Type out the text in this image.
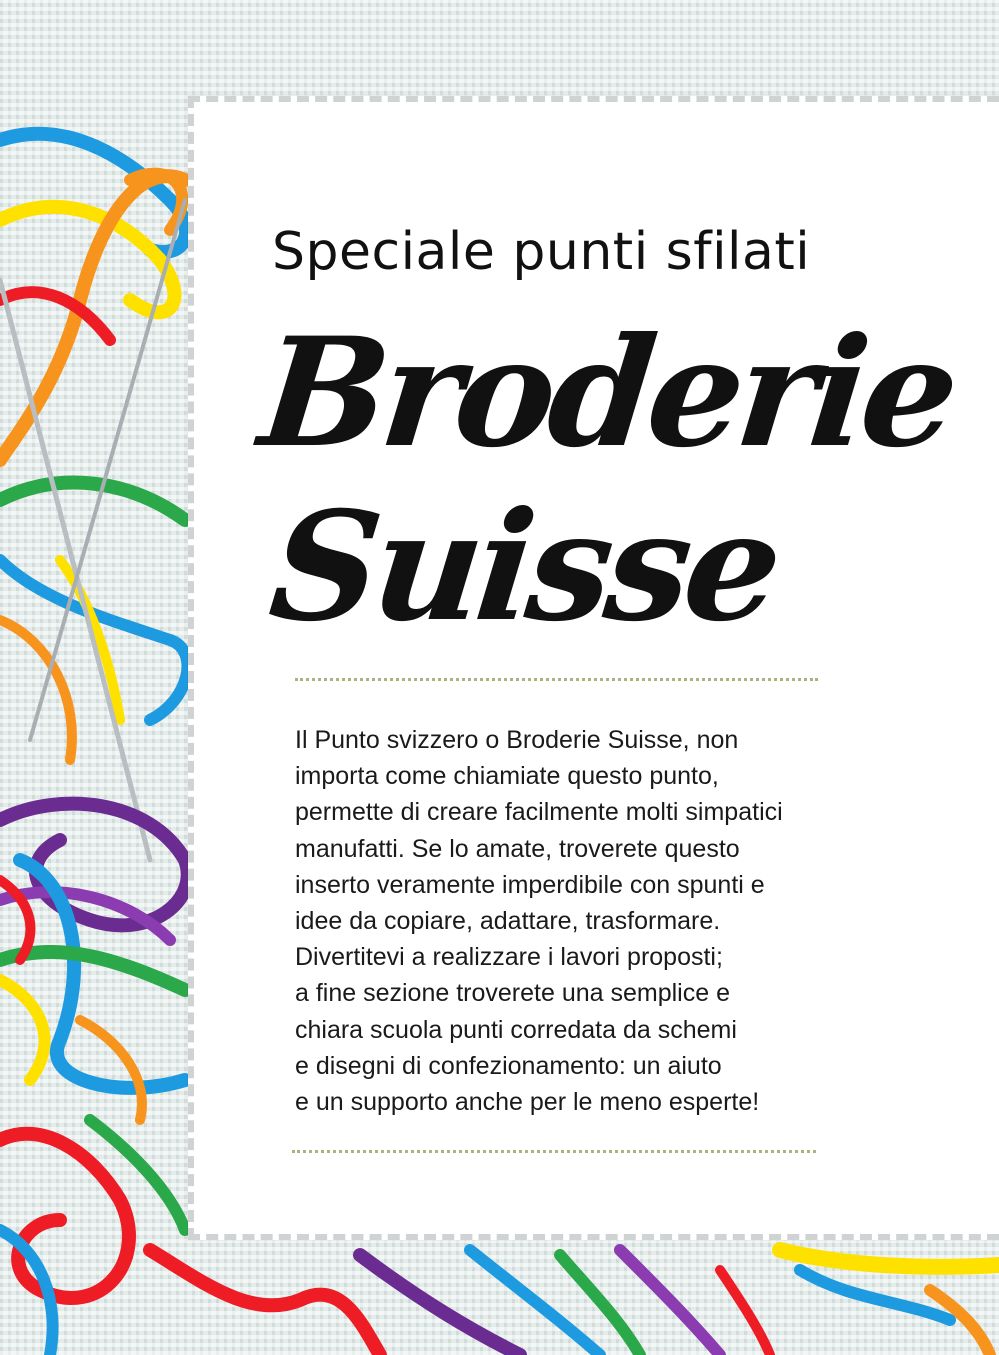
Speciale punti sfilati
Broderie
Suisse
Il Punto svizzero o Broderie Suisse, non
importa come chiamiate questo punto,
permette di creare facilmente molti simpatici
manufatti. Se lo amate, troverete questo
inserto veramente imperdibile con spunti e
idee da copiare, adattare, trasformare.
Divertitevi a realizzare i lavori proposti;
a fine sezione troverete una semplice e
chiara scuola punti corredata da schemi
e disegni di confezionamento: un aiuto
e un supporto anche per le meno esperte!
